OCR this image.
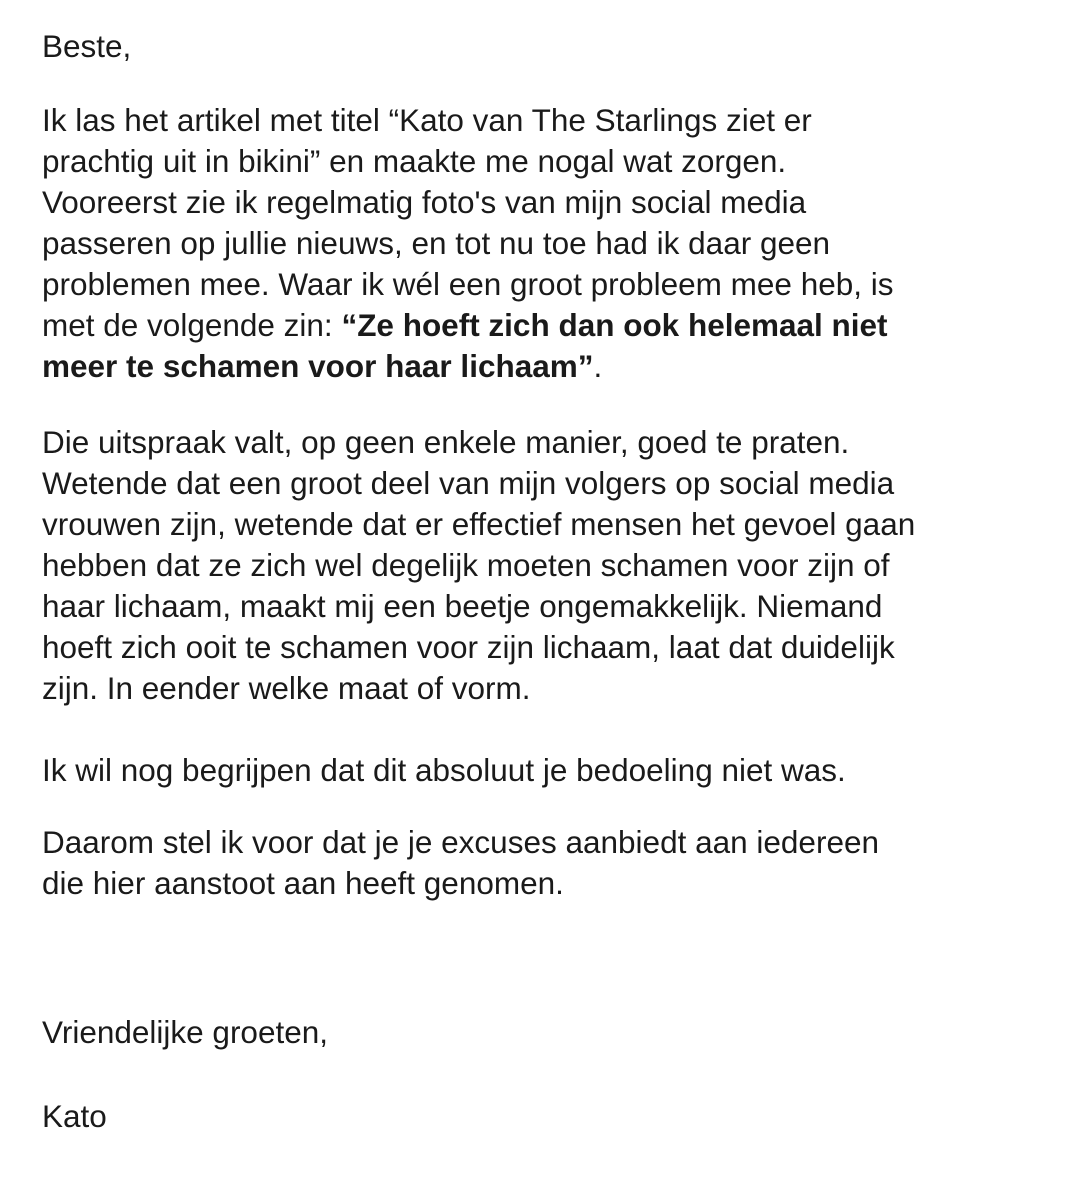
Beste,
Ik las het artikel met titel “Kato van The Starlings ziet er
prachtig uit in bikini” en maakte me nogal wat zorgen.
Vooreerst zie ik regelmatig foto's van mijn social media
passeren op jullie nieuws, en tot nu toe had ik daar geen
problemen mee. Waar ik wél een groot probleem mee heb, is
met de volgende zin: “Ze hoeft zich dan ook helemaal niet
meer te schamen voor haar lichaam”.
Die uitspraak valt, op geen enkele manier, goed te praten.
Wetende dat een groot deel van mijn volgers op social media
vrouwen zijn, wetende dat er effectief mensen het gevoel gaan
hebben dat ze zich wel degelijk moeten schamen voor zijn of
haar lichaam, maakt mij een beetje ongemakkelijk. Niemand
hoeft zich ooit te schamen voor zijn lichaam, laat dat duidelijk
zijn. In eender welke maat of vorm.
Ik wil nog begrijpen dat dit absoluut je bedoeling niet was.
Daarom stel ik voor dat je je excuses aanbiedt aan iedereen
die hier aanstoot aan heeft genomen.
Vriendelijke groeten,
Kato
